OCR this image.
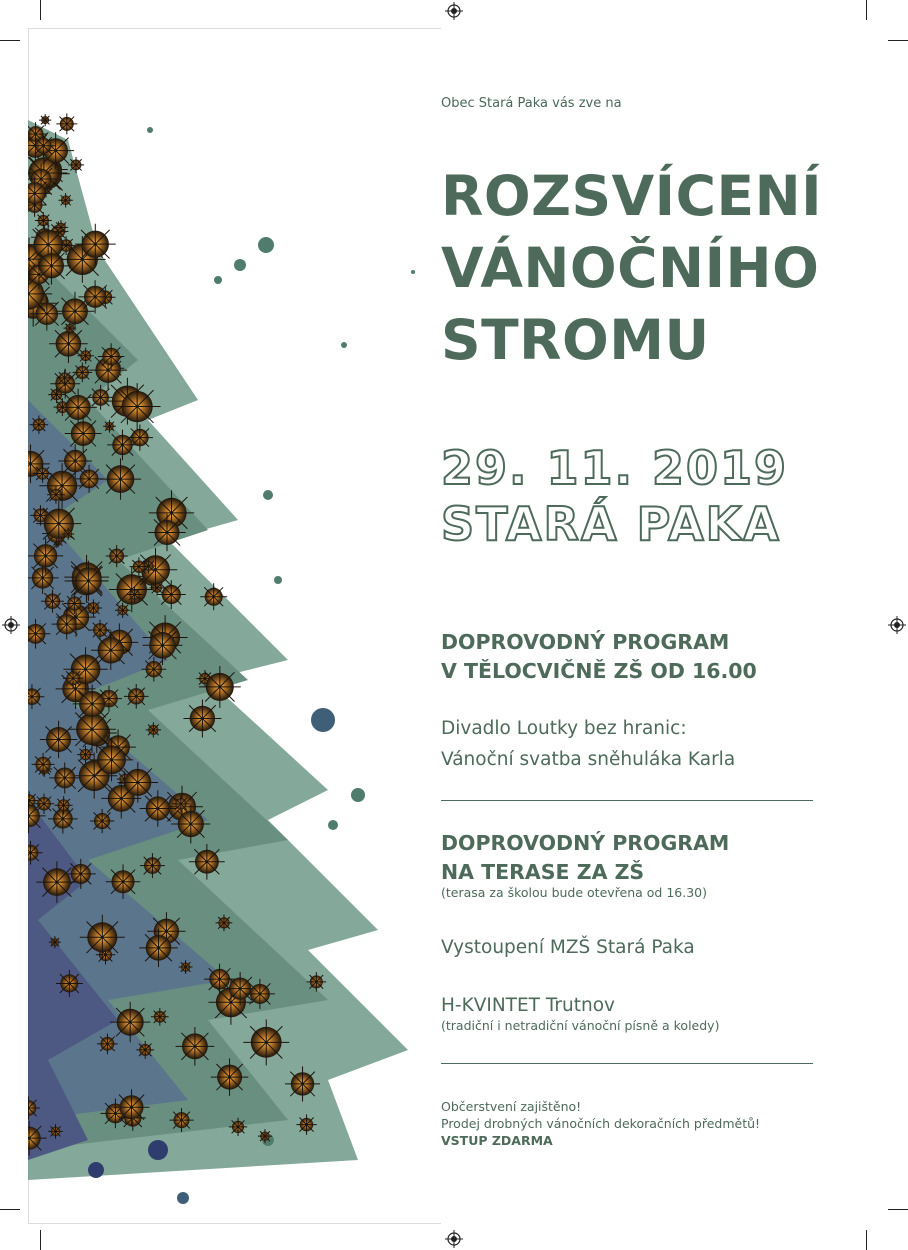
Obec Stará Paka vás zve na
ROZSVÍCENÍ
VÁNOČNÍHO
STROMU
29. 11. 2019
STARÁ PAKA
DOPROVODNÝ PROGRAM
V TĚLOCVIČNĚ ZŠ OD 16.00
Divadlo Loutky bez hranic:
Vánoční svatba sněhuláka Karla
DOPROVODNÝ PROGRAM
NA TERASE ZA ZŠ
(terasa za školou bude otevřena od 16.30)
Vystoupení MZŠ Stará Paka
H-KVINTET Trutnov
(tradiční i netradiční vánoční písně a koledy)
Občerstvení zajištěno!
Prodej drobných vánočních dekoračních předmětů!
VSTUP ZDARMA
